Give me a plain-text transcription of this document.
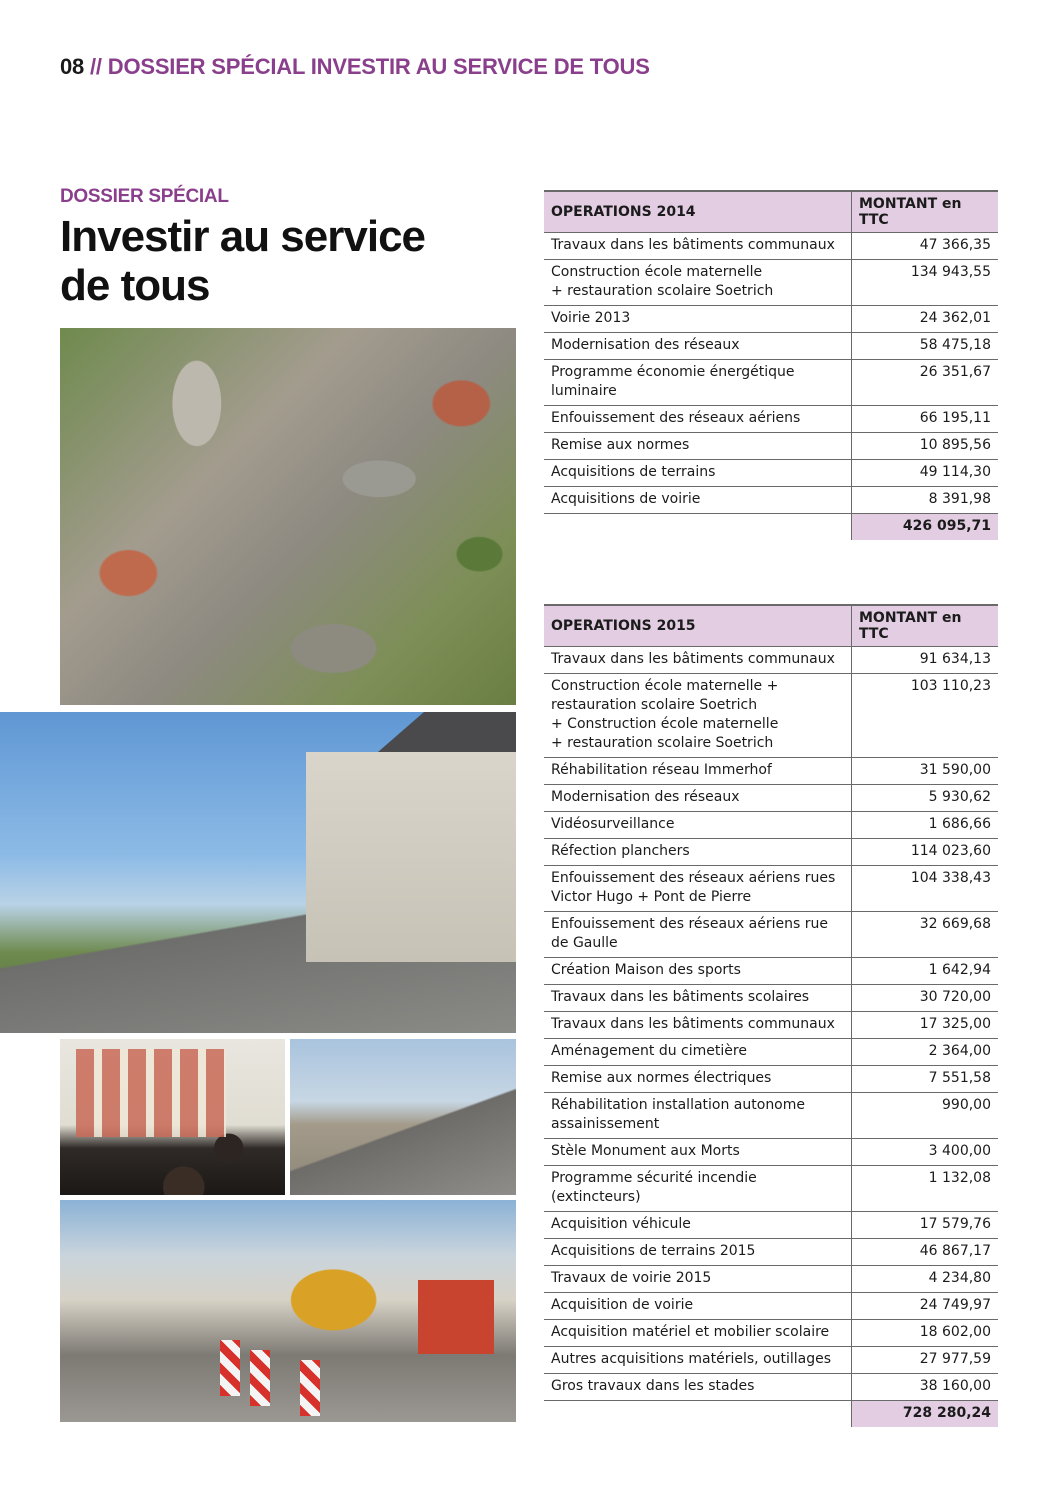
08 // DOSSIER SPÉCIAL INVESTIR AU SERVICE DE TOUS
DOSSIER SPÉCIAL
Investir au service
de tous
OPERATIONS 2014	MONTANT en TTC
Travaux dans les bâtiments communaux	47 366,35
Construction école maternelle
+ restauration scolaire Soetrich	134 943,55
Voirie 2013	24 362,01
Modernisation des réseaux	58 475,18
Programme économie énergétique
luminaire	26 351,67
Enfouissement des réseaux aériens	66 195,11
Remise aux normes	10 895,56
Acquisitions de terrains	49 114,30
Acquisitions de voirie	8 391,98
	426 095,71
OPERATIONS 2015	MONTANT en TTC
Travaux dans les bâtiments communaux	91 634,13
Construction école maternelle +
restauration scolaire Soetrich
+ Construction école maternelle
+ restauration scolaire Soetrich	103 110,23
Réhabilitation réseau Immerhof	31 590,00
Modernisation des réseaux	5 930,62
Vidéosurveillance	1 686,66
Réfection planchers	114 023,60
Enfouissement des réseaux aériens rues
Victor Hugo + Pont de Pierre	104 338,43
Enfouissement des réseaux aériens rue
de Gaulle	32 669,68
Création Maison des sports	1 642,94
Travaux dans les bâtiments scolaires	30 720,00
Travaux dans les bâtiments communaux	17 325,00
Aménagement du cimetière	2 364,00
Remise aux normes électriques	7 551,58
Réhabilitation installation autonome
assainissement	990,00
Stèle Monument aux Morts	3 400,00
Programme sécurité incendie
(extincteurs)	1 132,08
Acquisition véhicule	17 579,76
Acquisitions de terrains 2015	46 867,17
Travaux de voirie 2015	4 234,80
Acquisition de voirie	24 749,97
Acquisition matériel et mobilier scolaire	18 602,00
Autres acquisitions matériels, outillages	27 977,59
Gros travaux dans les stades	38 160,00
	728 280,24
